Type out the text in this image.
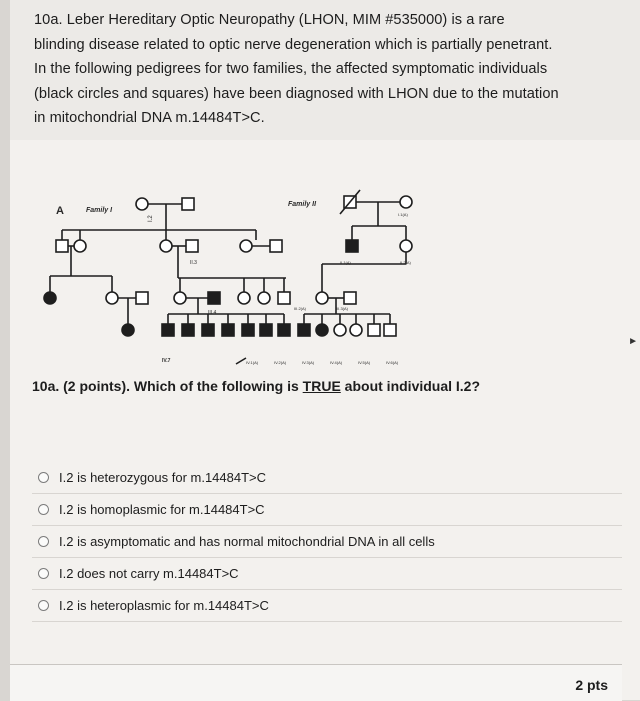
10a. Leber Hereditary Optic Neuropathy (LHON, MIM #535000) is a rare
blinding disease related to optic nerve degeneration which is partially penetrant.
In the following pedigrees for two families, the affected symptomatic individuals
(black circles and squares) have been diagnosed with LHON due to the mutation
in mitochondrial DNA m.14484T>C.
A	Family I
Family II
I.2
II.3
III.4
IV.7
I.1(A)
II.1(A)	II.2(A)
III.2(A)	III.3(A)
IV.1(A)	IV.2(A)	IV.3(A)	IV.4(A)	IV.5(A)	IV.6(A)
10a. (2 points). Which of the following is TRUE about individual I.2?
I.2 is heterozygous for m.14484T>C
I.2 is homoplasmic for m.14484T>C
I.2 is asymptomatic and has normal mitochondrial DNA in all cells
I.2 does not carry m.14484T>C
I.2 is heteroplasmic for m.14484T>C
2 pts
►
